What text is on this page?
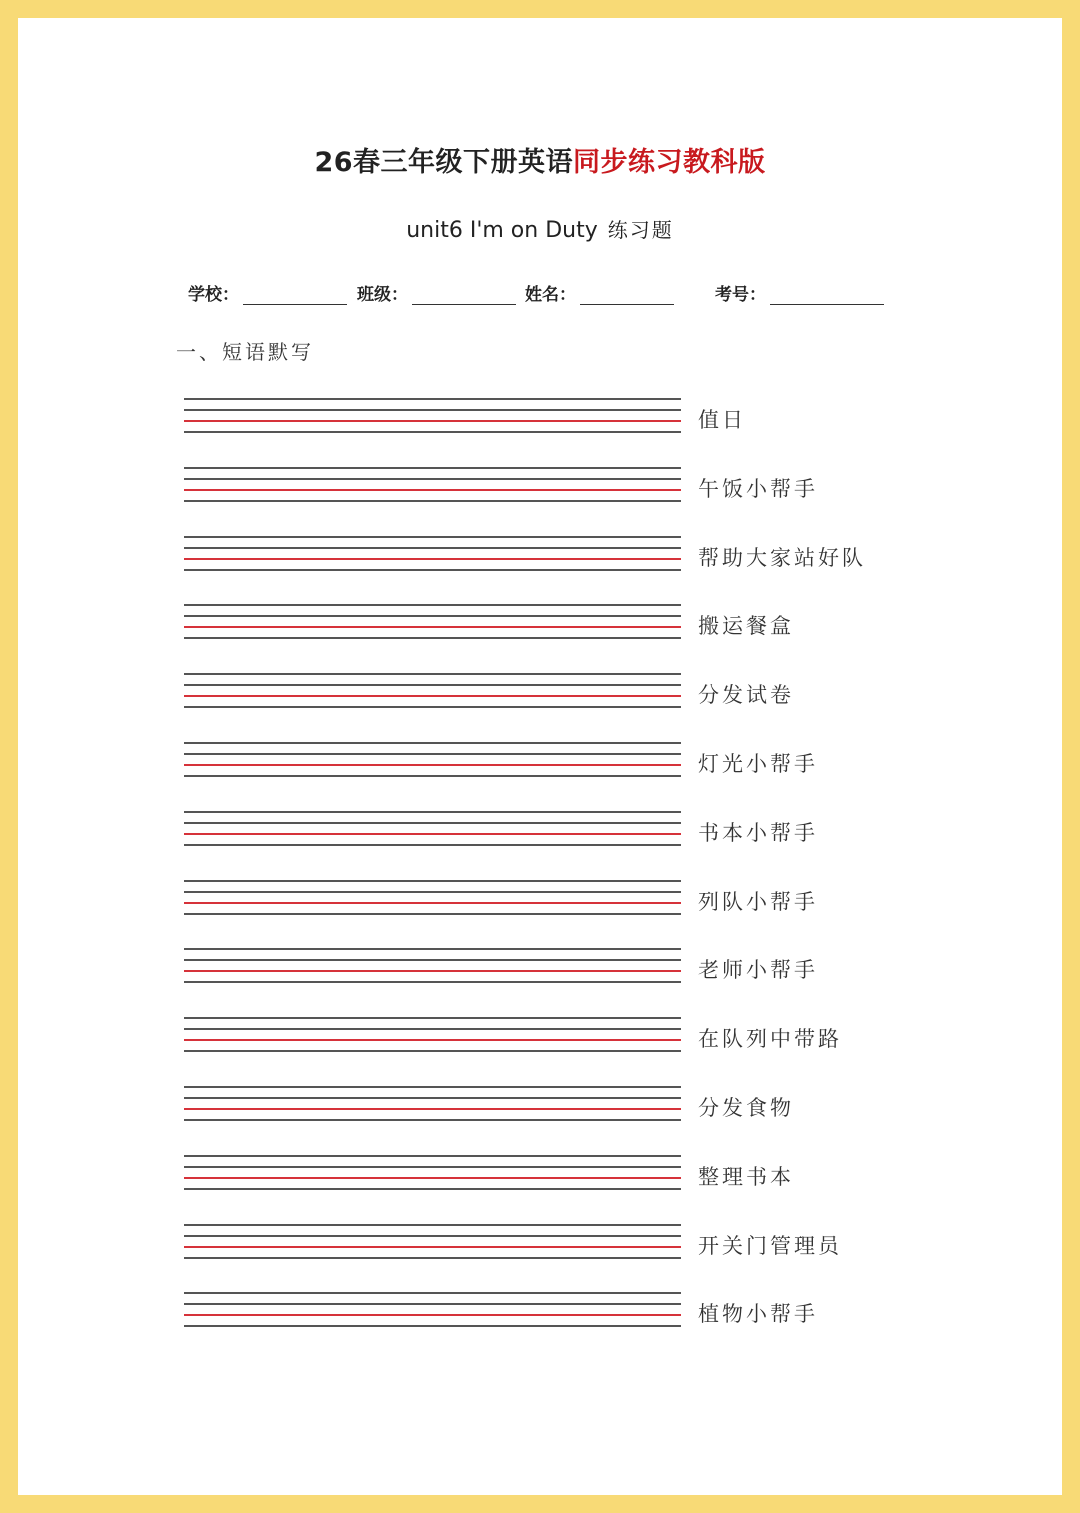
26春三年级下册英语同步练习教科版
unit6 I'm on Duty 练习题
学校：	班级：	姓名：	考号：
一、短语默写
值日
午饭小帮手
帮助大家站好队
搬运餐盒
分发试卷
灯光小帮手
书本小帮手
列队小帮手
老师小帮手
在队列中带路
分发食物
整理书本
开关门管理员
植物小帮手
